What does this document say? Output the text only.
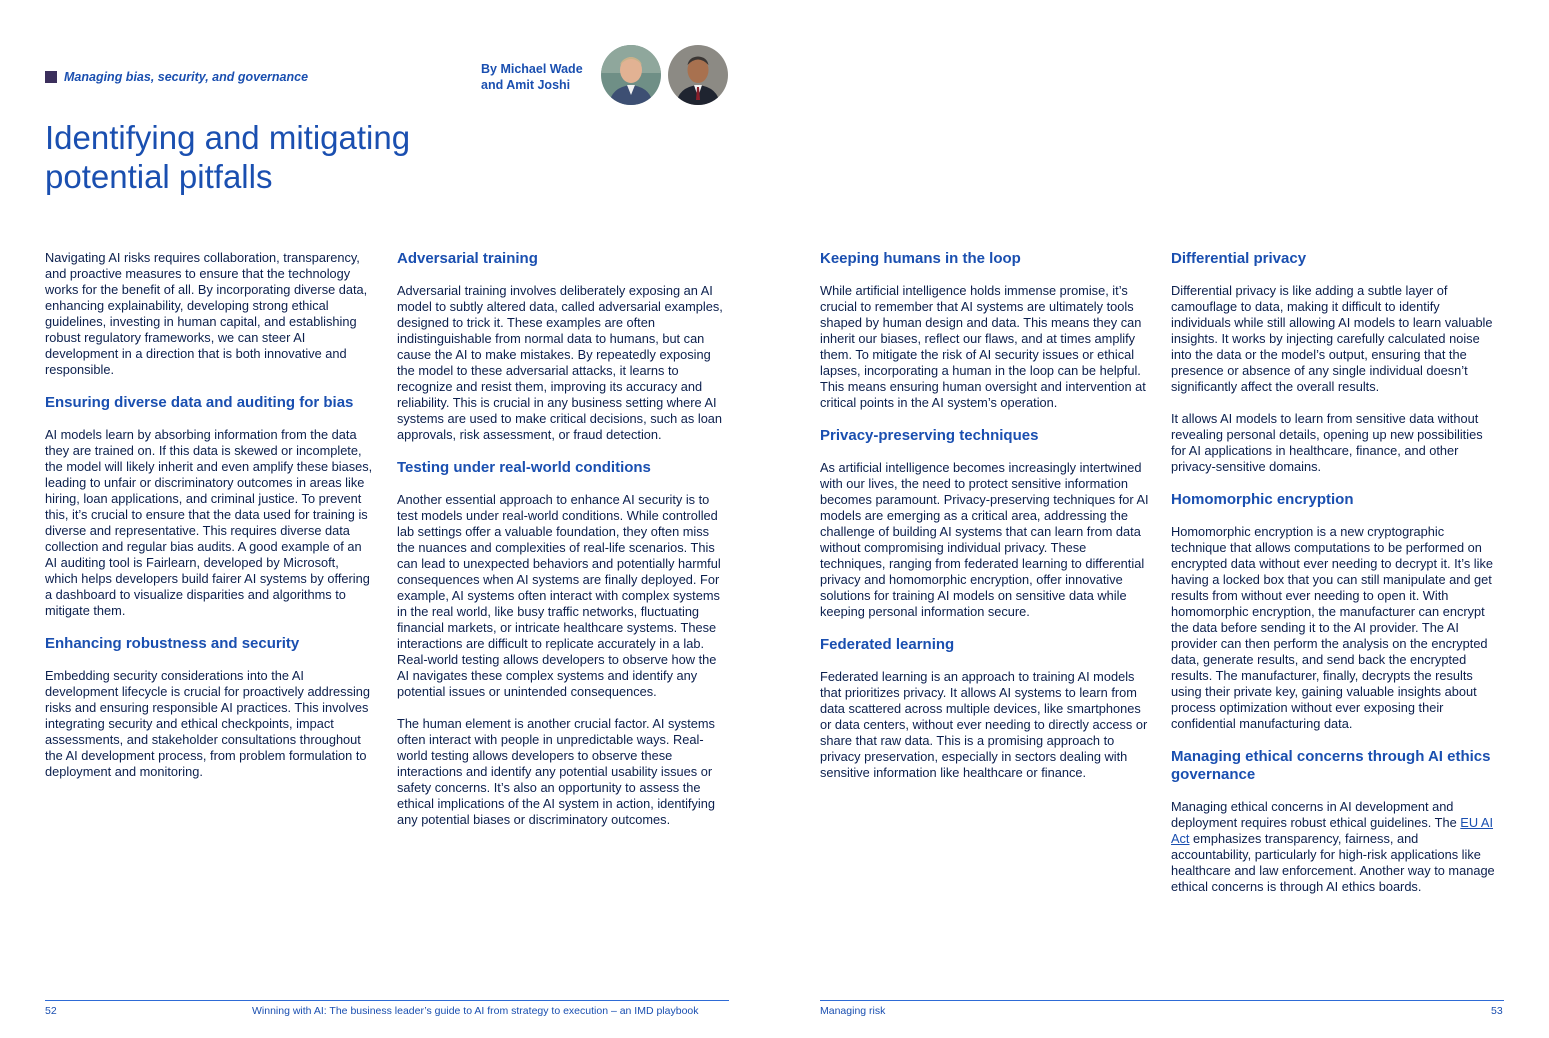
Managing bias, security, and governance
By Michael Wade
and Amit Joshi
Identifying and mitigating
potential pitfalls

Navigating AI risks requires collaboration, transparency, and proactive measures to ensure that the technology works for the benefit of all. By incorporating diverse data, enhancing explainability, developing strong ethical guidelines, investing in human capital, and establishing robust regulatory frameworks, we can steer AI development in a direction that is both innovative and responsible.

Ensuring diverse data and auditing for bias

AI models learn by absorbing information from the data they are trained on. If this data is skewed or incomplete, the model will likely inherit and even amplify these biases, leading to unfair or discriminatory outcomes in areas like hiring, loan applications, and criminal justice. To prevent this, it’s crucial to ensure that the data used for training is diverse and representative. This requires diverse data collection and regular bias audits. A good example of an AI auditing tool is Fairlearn, developed by Microsoft, which helps developers build fairer AI systems by offering a dashboard to visualize disparities and algorithms to mitigate them.

Enhancing robustness and security

Embedding security considerations into the AI development lifecycle is crucial for proactively addressing risks and ensuring responsible AI practices. This involves integrating security and ethical checkpoints, impact assessments, and stakeholder consultations throughout the AI development process, from problem formulation to deployment and monitoring.

Adversarial training

Adversarial training involves deliberately exposing an AI model to subtly altered data, called adversarial examples, designed to trick it. These examples are often indistinguishable from normal data to humans, but can cause the AI to make mistakes. By repeatedly exposing the model to these adversarial attacks, it learns to recognize and resist them, improving its accuracy and reliability. This is crucial in any business setting where AI systems are used to make critical decisions, such as loan approvals, risk assessment, or fraud detection.

Testing under real-world conditions

Another essential approach to enhance AI security is to test models under real-world conditions. While controlled lab settings offer a valuable foundation, they often miss the nuances and complexities of real-life scenarios. This can lead to unexpected behaviors and potentially harmful consequences when AI systems are finally deployed. For example, AI systems often interact with complex systems in the real world, like busy traffic networks, fluctuating financial markets, or intricate healthcare systems. These interactions are difficult to replicate accurately in a lab. Real-world testing allows developers to observe how the AI navigates these complex systems and identify any potential issues or unintended consequences.

The human element is another crucial factor. AI systems often interact with people in unpredictable ways. Real-world testing allows developers to observe these interactions and identify any potential usability issues or safety concerns. It’s also an opportunity to assess the ethical implications of the AI system in action, identifying any potential biases or discriminatory outcomes.

Keeping humans in the loop

While artificial intelligence holds immense promise, it’s crucial to remember that AI systems are ultimately tools shaped by human design and data. This means they can inherit our biases, reflect our flaws, and at times amplify them. To mitigate the risk of AI security issues or ethical lapses, incorporating a human in the loop can be helpful. This means ensuring human oversight and intervention at critical points in the AI system’s operation.

Privacy-preserving techniques

As artificial intelligence becomes increasingly intertwined with our lives, the need to protect sensitive information becomes paramount. Privacy-preserving techniques for AI models are emerging as a critical area, addressing the challenge of building AI systems that can learn from data without compromising individual privacy. These techniques, ranging from federated learning to differential privacy and homomorphic encryption, offer innovative solutions for training AI models on sensitive data while keeping personal information secure.

Federated learning

Federated learning is an approach to training AI models that prioritizes privacy. It allows AI systems to learn from data scattered across multiple devices, like smartphones or data centers, without ever needing to directly access or share that raw data. This is a promising approach to privacy preservation, especially in sectors dealing with sensitive information like healthcare or finance.

Differential privacy

Differential privacy is like adding a subtle layer of camouflage to data, making it difficult to identify individuals while still allowing AI models to learn valuable insights. It works by injecting carefully calculated noise into the data or the model’s output, ensuring that the presence or absence of any single individual doesn’t significantly affect the overall results.

It allows AI models to learn from sensitive data without revealing personal details, opening up new possibilities for AI applications in healthcare, finance, and other privacy-sensitive domains.

Homomorphic encryption

Homomorphic encryption is a new cryptographic technique that allows computations to be performed on encrypted data without ever needing to decrypt it. It’s like having a locked box that you can still manipulate and get results from without ever needing to open it. With homomorphic encryption, the manufacturer can encrypt the data before sending it to the AI provider. The AI provider can then perform the analysis on the encrypted data, generate results, and send back the encrypted results. The manufacturer, finally, decrypts the results using their private key, gaining valuable insights about process optimization without ever exposing their confidential manufacturing data.

Managing ethical concerns through AI ethics governance

Managing ethical concerns in AI development and deployment requires robust ethical guidelines. The EU AI Act emphasizes transparency, fairness, and accountability, particularly for high-risk applications like healthcare and law enforcement. Another way to manage ethical concerns is through AI ethics boards.

52	Winning with AI: The business leader’s guide to AI from strategy to execution – an IMD playbook	Managing risk	53
